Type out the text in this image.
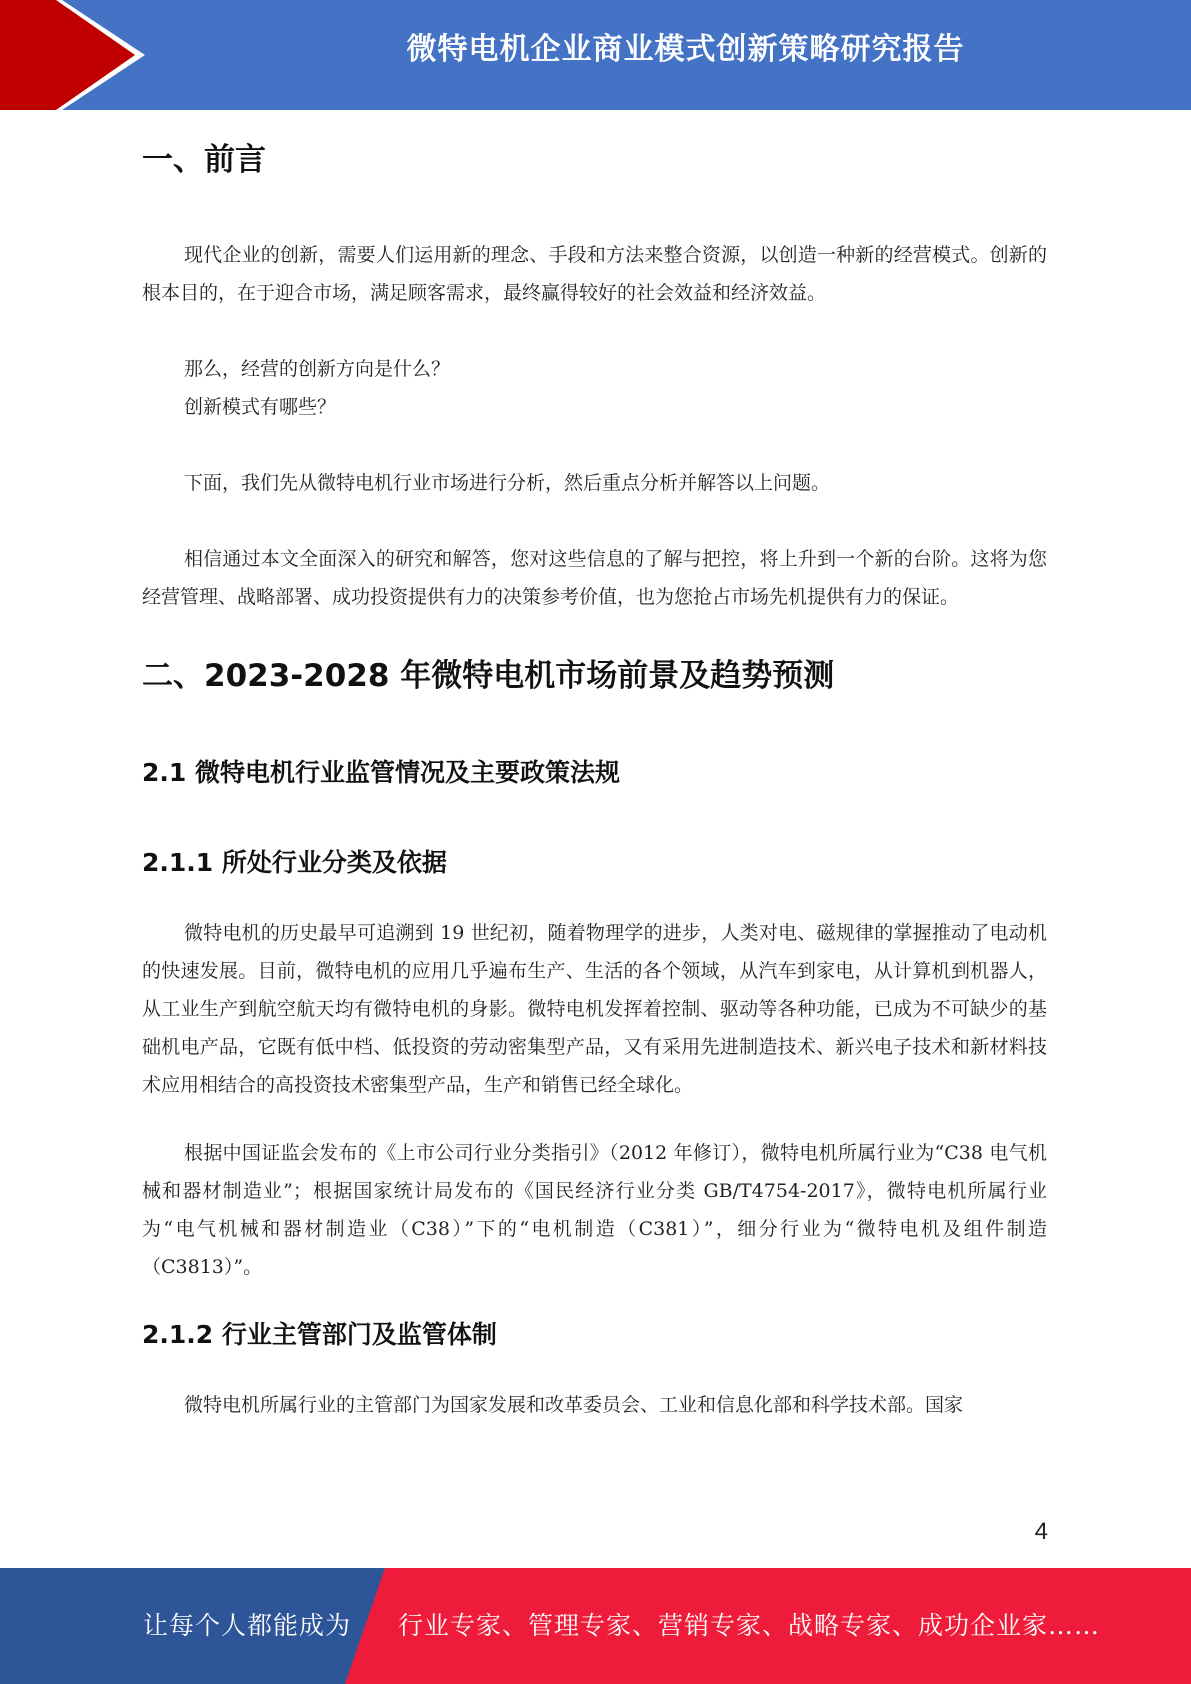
微特电机企业商业模式创新策略研究报告
一、前言

现代企业的创新，需要人们运用新的理念、手段和方法来整合资源，以创造一种新的经营模式。创新的根本目的，在于迎合市场，满足顾客需求，最终赢得较好的社会效益和经济效益。

那么，经营的创新方向是什么？

创新模式有哪些？

下面，我们先从微特电机行业市场进行分析，然后重点分析并解答以上问题。

相信通过本文全面深入的研究和解答，您对这些信息的了解与把控，将上升到一个新的台阶。这将为您经营管理、战略部署、成功投资提供有力的决策参考价值，也为您抢占市场先机提供有力的保证。

二、2023-2028 年微特电机市场前景及趋势预测
2.1 微特电机行业监管情况及主要政策法规
2.1.1 所处行业分类及依据

微特电机的历史最早可追溯到 19 世纪初，随着物理学的进步，人类对电、磁规律的掌握推动了电动机的快速发展。目前，微特电机的应用几乎遍布生产、生活的各个领域，从汽车到家电，从计算机到机器人，从工业生产到航空航天均有微特电机的身影。微特电机发挥着控制、驱动等各种功能，已成为不可缺少的基础机电产品，它既有低中档、低投资的劳动密集型产品，又有采用先进制造技术、新兴电子技术和新材料技术应用相结合的高投资技术密集型产品，生产和销售已经全球化。

根据中国证监会发布的《上市公司行业分类指引》（2012 年修订），微特电机所属行业为“C38 电气机械和器材制造业”；根据国家统计局发布的《国民经济行业分类 GB/T4754-2017》，微特电机所属行业为“电气机械和器材制造业（C38）”下的“电机制造（C381）”，细分行业为“微特电机及组件制造（C3813）”。

2.1.2 行业主管部门及监管体制

微特电机所属行业的主管部门为国家发展和改革委员会、工业和信息化部和科学技术部。国家

4
让每个人都能成为 行业专家、管理专家、营销专家、战略专家、成功企业家……
